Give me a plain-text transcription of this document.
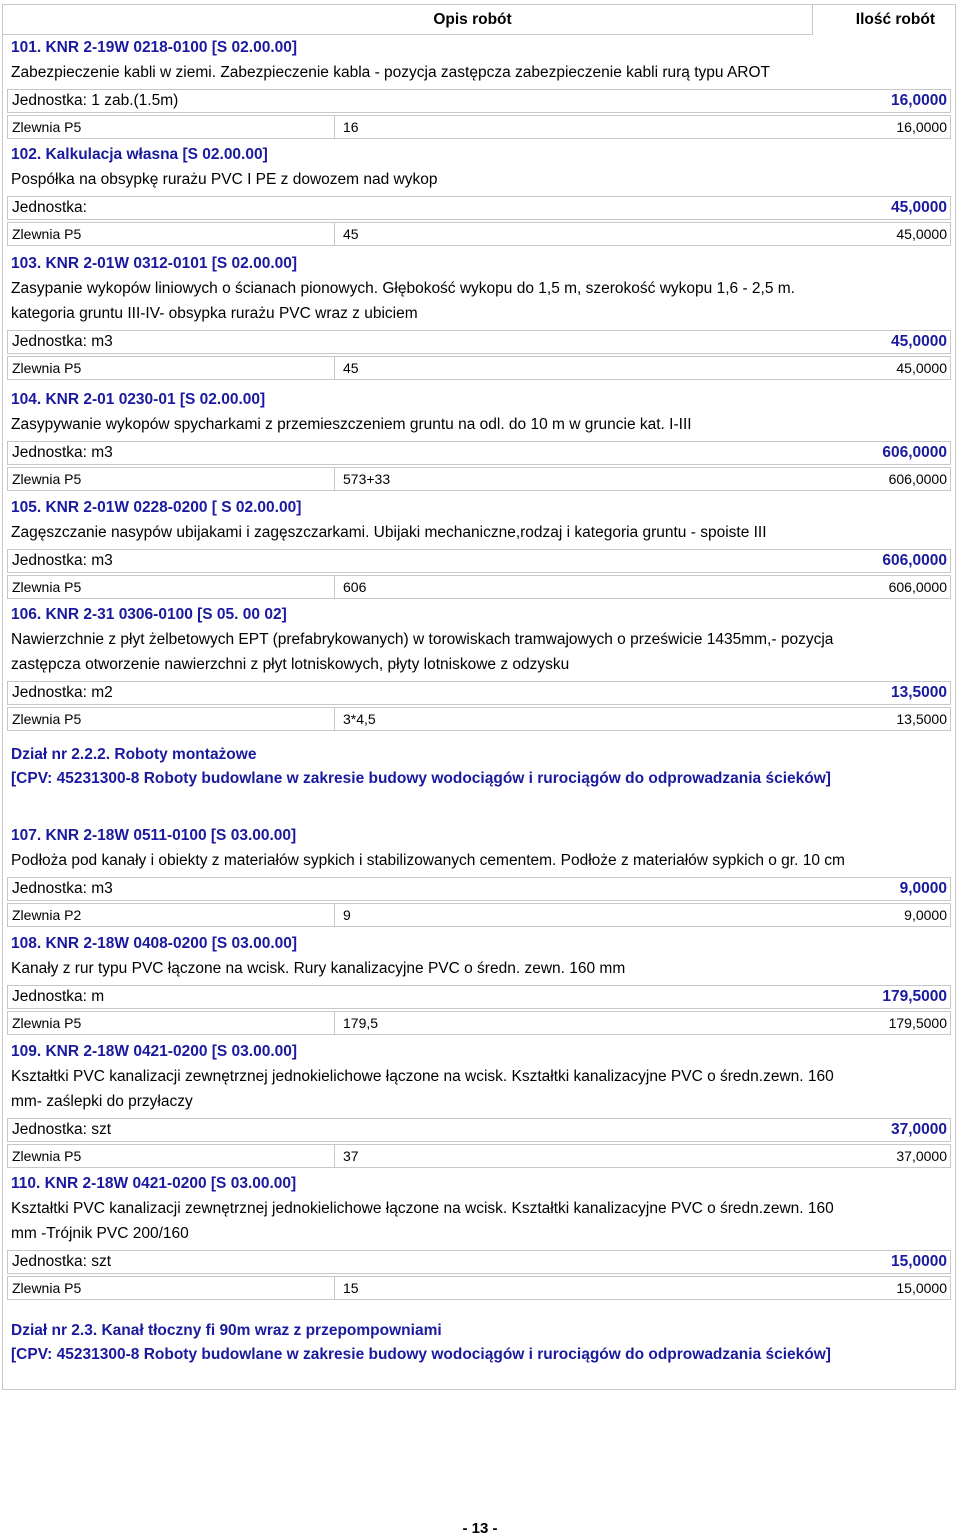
Opis robót	Ilość robót
101. KNR 2-19W 0218-0100 [S 02.00.00]
Zabezpieczenie kabli w ziemi. Zabezpieczenie kabla - pozycja zastępcza zabezpieczenie kabli rurą typu AROT
Jednostka: 1 zab.(1.5m)	16,0000
Zlewnia P5	16	16,0000
102. Kalkulacja własna [S 02.00.00]
Pospółka na obsypkę rurażu PVC I PE z dowozem nad wykop
Jednostka:	45,0000
Zlewnia P5	45	45,0000
103. KNR 2-01W 0312-0101 [S 02.00.00]
Zasypanie wykopów liniowych o ścianach pionowych. Głębokość wykopu do 1,5 m, szerokość wykopu 1,6 - 2,5 m.
kategoria gruntu III-IV- obsypka rurażu PVC wraz z ubiciem
Jednostka: m3	45,0000
Zlewnia P5	45	45,0000
104. KNR 2-01 0230-01 [S 02.00.00]
Zasypywanie wykopów spycharkami z przemieszczeniem gruntu na odl. do 10 m w gruncie kat. I-III
Jednostka: m3	606,0000
Zlewnia P5	573+33	606,0000
105. KNR 2-01W 0228-0200 [ S 02.00.00]
Zagęszczanie nasypów ubijakami i zagęszczarkami. Ubijaki mechaniczne,rodzaj i kategoria gruntu - spoiste III
Jednostka: m3	606,0000
Zlewnia P5	606	606,0000
106. KNR 2-31 0306-0100 [S 05. 00 02]
Nawierzchnie z płyt żelbetowych EPT (prefabrykowanych) w torowiskach tramwajowych o prześwicie 1435mm,- pozycja
zastępcza otworzenie nawierzchni z płyt lotniskowych, płyty lotniskowe z odzysku
Jednostka: m2	13,5000
Zlewnia P5	3*4,5	13,5000
107. KNR 2-18W 0511-0100 [S 03.00.00]
Podłoża pod kanały i obiekty z materiałów sypkich i stabilizowanych cementem. Podłoże z materiałów sypkich o gr. 10 cm
Jednostka: m3	9,0000
Zlewnia P2	9	9,0000
108. KNR 2-18W 0408-0200 [S 03.00.00]
Kanały z rur typu PVC łączone na wcisk. Rury kanalizacyjne PVC o średn. zewn. 160 mm
Jednostka: m	179,5000
Zlewnia P5	179,5	179,5000
109. KNR 2-18W 0421-0200 [S 03.00.00]
Kształtki PVC kanalizacji zewnętrznej jednokielichowe łączone na wcisk. Kształtki kanalizacyjne PVC o średn.zewn. 160
mm- zaślepki do przyłaczy
Jednostka: szt	37,0000
Zlewnia P5	37	37,0000
110. KNR 2-18W 0421-0200 [S 03.00.00]
Kształtki PVC kanalizacji zewnętrznej jednokielichowe łączone na wcisk. Kształtki kanalizacyjne PVC o średn.zewn. 160
mm -Trójnik PVC 200/160
Jednostka: szt	15,0000
Zlewnia P5	15	15,0000
Dział nr 2.2.2. Roboty montażowe
[CPV: 45231300-8 Roboty budowlane w zakresie budowy wodociągów i rurociągów do odprowadzania ścieków]
Dział nr 2.3. Kanał tłoczny fi 90m wraz z przepompowniami
[CPV: 45231300-8 Roboty budowlane w zakresie budowy wodociągów i rurociągów do odprowadzania ścieków]
- 13 -
